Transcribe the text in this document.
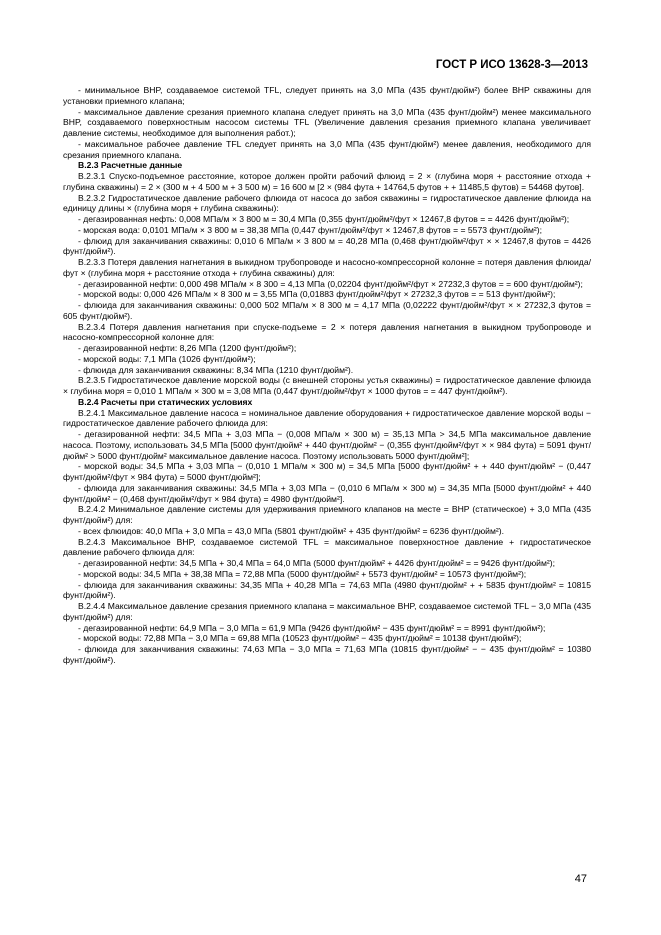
ГОСТ Р ИСО 13628-3—2013

- минимальное BHP, создаваемое системой TFL, следует принять на 3,0 МПа (435 фунт/дюйм²) более BHP скважины для установки приемного клапана;

- максимальное давление срезания приемного клапана следует принять на 3,0 МПа (435 фунт/дюйм²) менее максимального BHP, создаваемого поверхностным насосом системы TFL (Увеличение давления срезания приемного клапана увеличивает давление системы, необходимое для выполнения работ.);

- максимальное рабочее давление TFL следует принять на 3,0 МПа (435 фунт/дюйм²) менее давления, необходимого для срезания приемного клапана.

В.2.3 Расчетные данные

В.2.3.1 Спуско-подъемное расстояние, которое должен пройти рабочий флюид = 2 × (глубина моря + расстояние отхода + глубина скважины) = 2 × (300 м + 4 500 м + 3 500 м) = 16 600 м [2 × (984 фута + 14764,5 футов + + 11485,5 футов) = 54468 футов].

В.2.3.2 Гидростатическое давление рабочего флюида от насоса до забоя скважины = гидростатическое давление флюида на единицу длины × (глубина моря + глубина скважины):

- дегазированная нефть: 0,008 МПа/м × 3 800 м = 30,4 МПа (0,355 фунт/дюйм²/фут × 12467,8 футов = = 4426 фунт/дюйм²);

- морская вода: 0,0101 МПа/м × 3 800 м = 38,38 МПа (0,447 фунт/дюйм²/фут × 12467,8 футов = = 5573 фунт/дюйм²);

- флюид для заканчивания скважины: 0,010 6 МПа/м × 3 800 м = 40,28 МПа (0,468 фунт/дюйм²/фут × × 12467,8 футов = 4426 фунт/дюйм²).

В.2.3.3 Потеря давления нагнетания в выкидном трубопроводе и насосно-компрессорной колонне = потеря давления флюида/фут × (глубина моря + расстояние отхода + глубина скважины) для:

- дегазированной нефти: 0,000 498 МПа/м × 8 300 = 4,13 МПа (0,02204 фунт/дюйм²/фут × 27232,3 футов = = 600 фунт/дюйм²);

- морской воды: 0,000 426 МПа/м × 8 300 м = 3,55 МПа (0,01883 фунт/дюйм²/фут × 27232,3 футов = = 513 фунт/дюйм²);

- флюида для заканчивания скважины: 0,000 502 МПа/м × 8 300 м = 4,17 МПа (0,02222 фунт/дюйм²/фут × × 27232,3 футов = 605 фунт/дюйм²).

В.2.3.4 Потеря давления нагнетания при спуске-подъеме = 2 × потеря давления нагнетания в выкидном трубопроводе и насосно-компрессорной колонне для:

- дегазированной нефти: 8,26 МПа (1200 фунт/дюйм²);

- морской воды: 7,1 МПа (1026 фунт/дюйм²);

- флюида для заканчивания скважины: 8,34 МПа (1210 фунт/дюйм²).

В.2.3.5 Гидростатическое давление морской воды (с внешней стороны устья скважины) = гидростатическое давление флюида × глубина моря = 0,010 1 МПа/м × 300 м = 3,08 МПа (0,447 фунт/дюйм²/фут × 1000 футов = = 447 фунт/дюйм²).

В.2.4 Расчеты при статических условиях

В.2.4.1 Максимальное давление насоса = номинальное давление оборудования + гидростатическое давление морской воды − гидростатическое давление рабочего флюида для:

- дегазированной нефти: 34,5 МПа + 3,03 МПа − (0,008 МПа/м × 300 м) = 35,13 МПа > 34,5 МПа максимальное давление насоса. Поэтому, использовать 34,5 МПа [5000 фунт/дюйм² + 440 фунт/дюйм² − (0,355 фунт/дюйм²/фут × × 984 фута) = 5091 фунт/дюйм² > 5000 фунт/дюйм² максимальное давление насоса. Поэтому использовать 5000 фунт/дюйм²];

- морской воды: 34,5 МПа + 3,03 МПа − (0,010 1 МПа/м × 300 м) = 34,5 МПа [5000 фунт/дюйм² + + 440 фунт/дюйм² − (0,447 фунт/дюйм²/фут × 984 фута) = 5000 фунт/дюйм²];

- флюида для заканчивания скважины: 34,5 МПа + 3,03 МПа − (0,010 6 МПа/м × 300 м) = 34,35 МПа [5000 фунт/дюйм² + 440 фунт/дюйм² − (0,468 фунт/дюйм²/фут × 984 фута) = 4980 фунт/дюйм²].

В.2.4.2 Минимальное давление системы для удерживания приемного клапанов на месте = BHP (статическое) + 3,0 МПа (435 фунт/дюйм²) для:

- всех флюидов: 40,0 МПа + 3,0 МПа = 43,0 МПа (5801 фунт/дюйм² + 435 фунт/дюйм² = 6236 фунт/дюйм²).

В.2.4.3 Максимальное BHP, создаваемое системой TFL = максимальное поверхностное давление + гидростатическое давление рабочего флюида для:

- дегазированной нефти: 34,5 МПа + 30,4 МПа = 64,0 МПа (5000 фунт/дюйм² + 4426 фунт/дюйм² = = 9426 фунт/дюйм²);

- морской воды: 34,5 МПа + 38,38 МПа = 72,88 МПа (5000 фунт/дюйм² + 5573 фунт/дюйм² = 10573 фунт/дюйм²);

- флюида для заканчивания скважины: 34,35 МПа + 40,28 МПа = 74,63 МПа (4980 фунт/дюйм² + + 5835 фунт/дюйм² = 10815 фунт/дюйм²).

В.2.4.4 Максимальное давление срезания приемного клапана = максимальное BHP, создаваемое системой TFL − 3,0 МПа (435 фунт/дюйм²) для:

- дегазированной нефти: 64,9 МПа − 3,0 МПа = 61,9 МПа (9426 фунт/дюйм² − 435 фунт/дюйм² = = 8991 фунт/дюйм²);

- морской воды: 72,88 МПа − 3,0 МПа = 69,88 МПа (10523 фунт/дюйм² − 435 фунт/дюйм² = 10138 фунт/дюйм²);

- флюида для заканчивания скважины: 74,63 МПа − 3,0 МПа = 71,63 МПа (10815 фунт/дюйм² − − 435 фунт/дюйм² = 10380 фунт/дюйм²).

47
